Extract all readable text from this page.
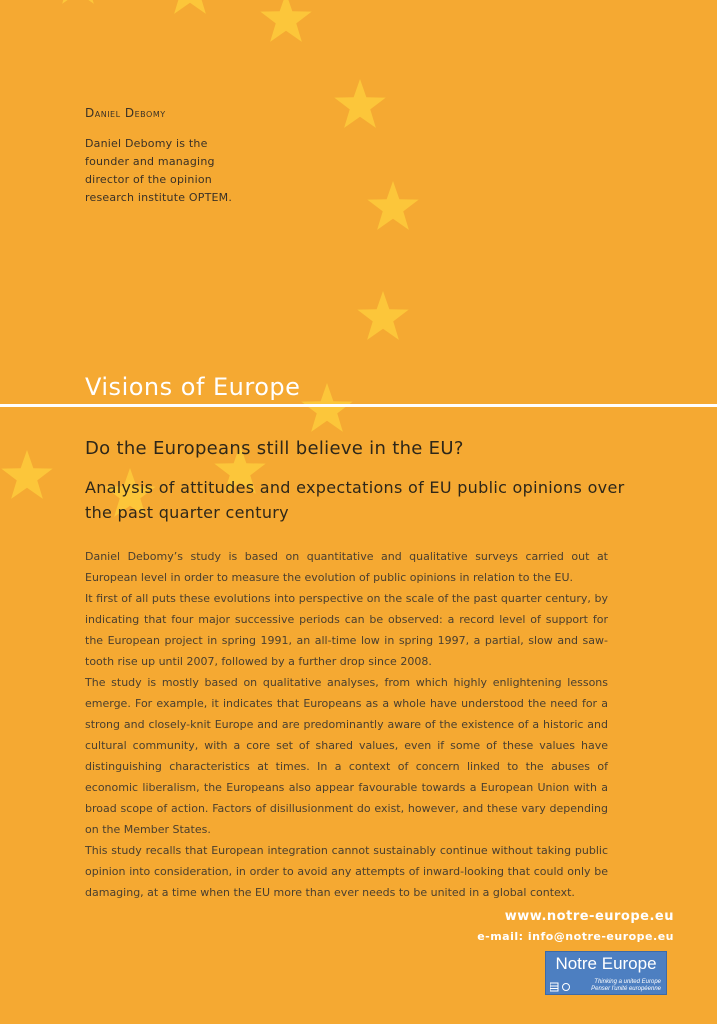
Daniel Debomy
Daniel Debomy is the founder and managing director of the opinion research institute OPTEM.
Visions of Europe
Do the Europeans still believe in the EU?
Analysis of attitudes and expectations of EU public opinions over the past quarter century

Daniel Debomy’s study is based on quantitative and qualitative surveys carried out at European level in order to measure the evolution of public opinions in relation to the EU.

It first of all puts these evolutions into perspective on the scale of the past quarter century, by indicating that four major successive periods can be observed: a record level of support for the European project in spring 1991, an all-time low in spring 1997, a partial, slow and saw-tooth rise up until 2007, followed by a further drop since 2008.

The study is mostly based on qualitative analyses, from which highly enlightening lessons emerge. For example, it indicates that Europeans as a whole have understood the need for a strong and closely-knit Europe and are predominantly aware of the existence of a historic and cultural community, with a core set of shared values, even if some of these values have distinguishing characteristics at times. In a context of concern linked to the abuses of economic liberalism, the Europeans also appear favourable towards a European Union with a broad scope of action. Factors of disillusionment do exist, however, and these vary depending on the Member States.

This study recalls that European integration cannot sustainably continue without taking public opinion into consideration, in order to avoid any attempts of inward-looking that could only be damaging, at a time when the EU more than ever needs to be united in a global context.

www.notre-europe.eu
e-mail: info@notre-europe.eu
Notre Europe
Thinking a united Europe
Penser l'unité européenne
